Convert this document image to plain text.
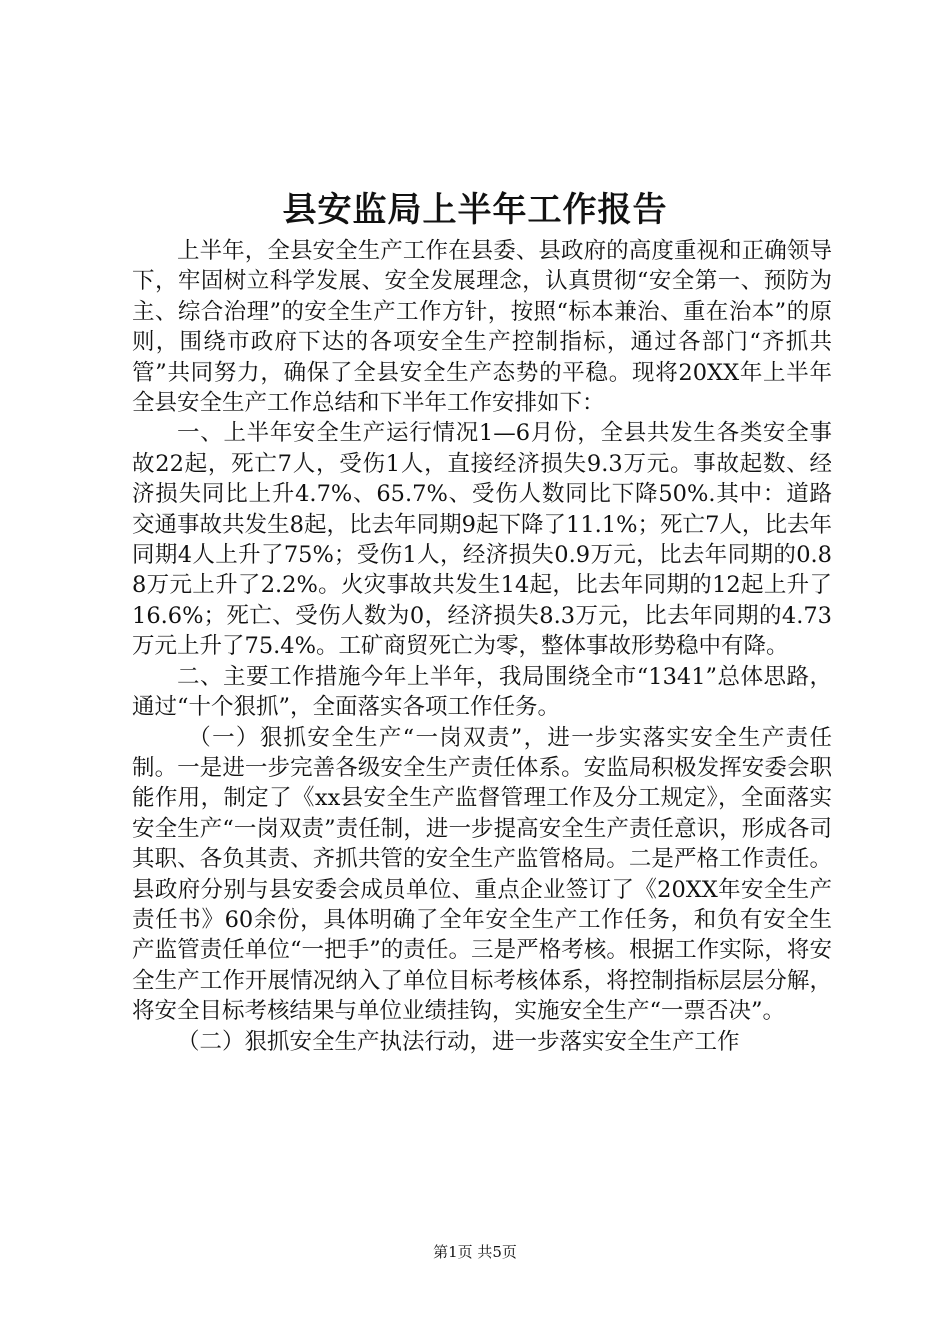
县安监局上半年工作报告

上半年，全县安全生产工作在县委、县政府的高度重视和正确领导下，牢固树立科学发展、安全发展理念，认真贯彻“安全第一、预防为主、综合治理”的安全生产工作方针，按照“标本兼治、重在治本”的原则，围绕市政府下达的各项安全生产控制指标，通过各部门“齐抓共管”共同努力，确保了全县安全生产态势的平稳。现将20XX年上半年全县安全生产工作总结和下半年工作安排如下：

一、上半年安全生产运行情况1—6月份，全县共发生各类安全事故22起，死亡7人，受伤1人，直接经济损失9.3万元。事故起数、经济损失同比上升4.7%、65.7%、受伤人数同比下降50%.其中：道路交通事故共发生8起，比去年同期9起下降了11.1%；死亡7人，比去年同期4人上升了75%；受伤1人，经济损失0.9万元，比去年同期的0.88万元上升了2.2%。火灾事故共发生14起，比去年同期的12起上升了16.6%；死亡、受伤人数为0，经济损失8.3万元，比去年同期的4.73万元上升了75.4%。工矿商贸死亡为零，整体事故形势稳中有降。

二、主要工作措施今年上半年，我局围绕全市“1341”总体思路，通过“十个狠抓”，全面落实各项工作任务。

（一）狠抓安全生产“一岗双责”，进一步实落实安全生产责任制。一是进一步完善各级安全生产责任体系。安监局积极发挥安委会职能作用，制定了《xx县安全生产监督管理工作及分工规定》，全面落实安全生产“一岗双责”责任制，进一步提高安全生产责任意识，形成各司其职、各负其责、齐抓共管的安全生产监管格局。二是严格工作责任。县政府分别与县安委会成员单位、重点企业签订了《20XX年安全生产责任书》60余份，具体明确了全年安全生产工作任务，和负有安全生产监管责任单位“一把手”的责任。三是严格考核。根据工作实际，将安全生产工作开展情况纳入了单位目标考核体系，将控制指标层层分解，将安全目标考核结果与单位业绩挂钩，实施安全生产“一票否决”。

（二）狠抓安全生产执法行动，进一步落实安全生产工作

第1页 共5页
